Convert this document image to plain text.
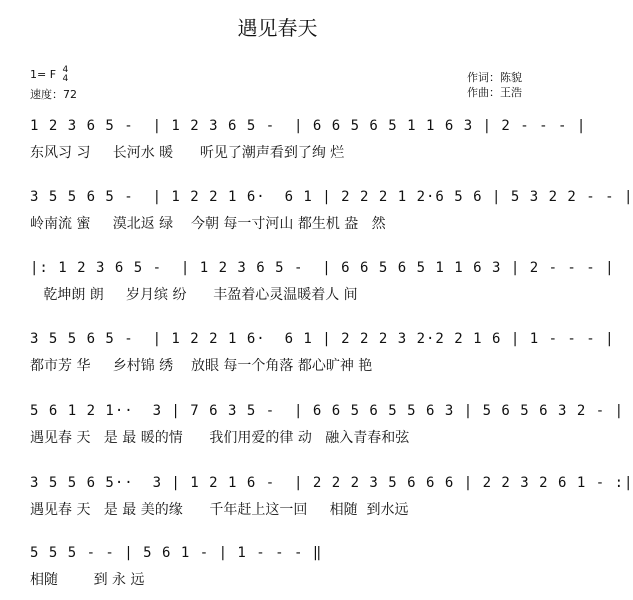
遇见春天
1= F 4
4
速度：72
作词：陈貌
作曲：王浩
1 2 3 6 5 -  | 1 2 3 6 5 -  | 6 6 5 6 5 1 1 6 3 | 2 - - - |
东风习 习     长河水 暖      听见了潮声看到了绚 烂
3 5 5 6 5 -  | 1 2 2 1 6·  6 1 | 2 2 2 1 2·6 5 6 | 5 3 2 2 - - |
岭南流 蜜     漠北返 绿    今朝 每一寸河山 都生机 盎   然
|: 1 2 3 6 5 -  | 1 2 3 6 5 -  | 6 6 5 6 5 1 1 6 3 | 2 - - - |
乾坤朗 朗     岁月缤 纷      丰盈着心灵温暖着人 间
3 5 5 6 5 -  | 1 2 2 1 6·  6 1 | 2 2 2 3 2·2 2 1 6 | 1 - - - |
都市芳 华     乡村锦 绣    放眼 每一个角落 都心旷神 艳
5 6 1 2 1··  3 | 7 6 3 5 -  | 6 6 5 6 5 5 6 3 | 5 6 5 6 3 2 - |
遇见春 天   是 最 暖的情      我们用爱的律 动   融入青春和弦
3 5 5 6 5··  3 | 1 2 1 6 -  | 2 2 2 3 5 6 6 6 | 2 2 3 2 6 1 - :|
遇见春 天   是 最 美的缘      千年赶上这一回     相随  到水远
5 5 5 - - | 5 6 1 - | 1 - - - ‖
相随        到 永 远
